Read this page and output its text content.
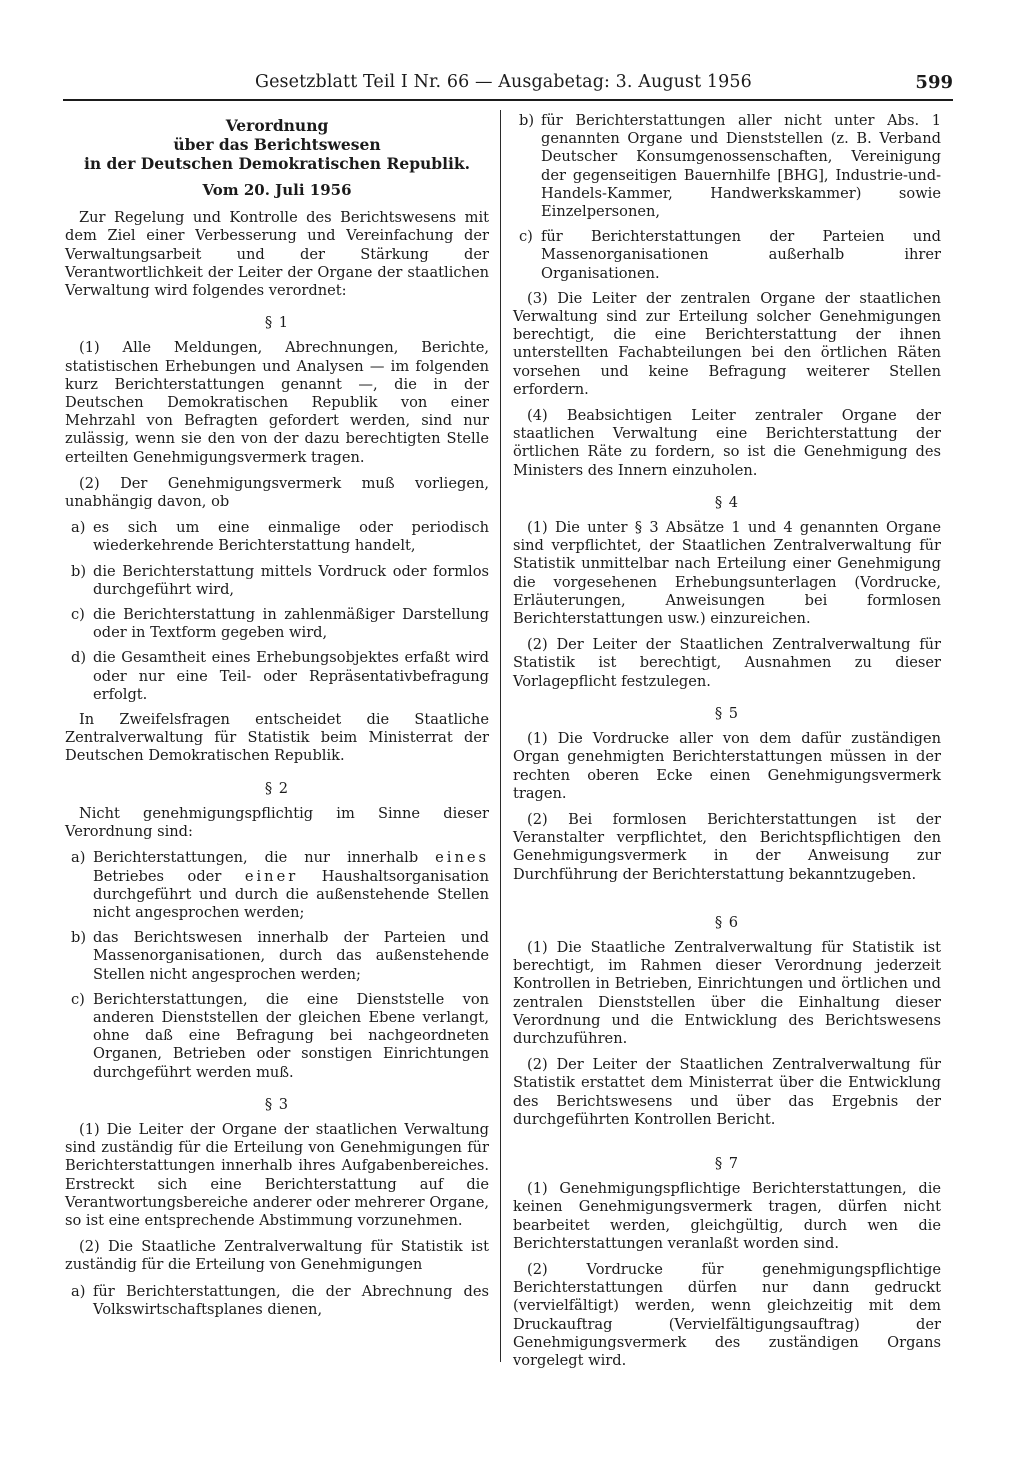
Gesetzblatt Teil I Nr. 66 — Ausgabetag: 3. August 1956	599
Verordnung
über das Berichtswesen
in der Deutschen Demokratischen Republik.
Vom 20. Juli 1956

Zur Regelung und Kontrolle des Berichtswesens mit dem Ziel einer Verbesserung und Vereinfachung der Verwaltungsarbeit und der Stärkung der Verantwortlichkeit der Leiter der Organe der staatlichen Verwaltung wird folgendes verordnet:

§ 1

(1) Alle Meldungen, Abrechnungen, Berichte, statistischen Erhebungen und Analysen — im folgenden kurz Berichterstattungen genannt —, die in der Deutschen Demokratischen Republik von einer Mehrzahl von Befragten gefordert werden, sind nur zulässig, wenn sie den von der dazu berechtigten Stelle erteilten Genehmigungsvermerk tragen.

(2) Der Genehmigungsvermerk muß vorliegen, unabhängig davon, ob

a) es sich um eine einmalige oder periodisch wiederkehrende Berichterstattung handelt,
b) die Berichterstattung mittels Vordruck oder formlos durchgeführt wird,
c) die Berichterstattung in zahlenmäßiger Darstellung oder in Textform gegeben wird,
d) die Gesamtheit eines Erhebungsobjektes erfaßt wird oder nur eine Teil- oder Repräsentativbefragung erfolgt.

In Zweifelsfragen entscheidet die Staatliche Zentralverwaltung für Statistik beim Ministerrat der Deutschen Demokratischen Republik.

§ 2

Nicht genehmigungspflichtig im Sinne dieser Verordnung sind:

a) Berichterstattungen, die nur innerhalb eines Betriebes oder einer Haushaltsorganisation durchgeführt und durch die außenstehende Stellen nicht angesprochen werden;
b) das Berichtswesen innerhalb der Parteien und Massenorganisationen, durch das außenstehende Stellen nicht angesprochen werden;
c) Berichterstattungen, die eine Dienststelle von anderen Dienststellen der gleichen Ebene verlangt, ohne daß eine Befragung bei nachgeordneten Organen, Betrieben oder sonstigen Einrichtungen durchgeführt werden muß.
§ 3

(1) Die Leiter der Organe der staatlichen Verwaltung sind zuständig für die Erteilung von Genehmigungen für Berichterstattungen innerhalb ihres Aufgabenbereiches. Erstreckt sich eine Berichterstattung auf die Verantwortungsbereiche anderer oder mehrerer Organe, so ist eine entsprechende Abstimmung vorzunehmen.

(2) Die Staatliche Zentralverwaltung für Statistik ist zuständig für die Erteilung von Genehmigungen

a) für Berichterstattungen, die der Abrechnung des Volkswirtschaftsplanes dienen,
b) für Berichterstattungen aller nicht unter Abs. 1 genannten Organe und Dienststellen (z. B. Verband Deutscher Konsumgenossenschaften, Vereinigung der gegenseitigen Bauernhilfe [BHG], Industrie-und-Handels-Kammer, Handwerkskammer) sowie Einzelpersonen,
c) für Berichterstattungen der Parteien und Massenorganisationen außerhalb ihrer Organisationen.

(3) Die Leiter der zentralen Organe der staatlichen Verwaltung sind zur Erteilung solcher Genehmigungen berechtigt, die eine Berichterstattung der ihnen unterstellten Fachabteilungen bei den örtlichen Räten vorsehen und keine Befragung weiterer Stellen erfordern.

(4) Beabsichtigen Leiter zentraler Organe der staatlichen Verwaltung eine Berichterstattung der örtlichen Räte zu fordern, so ist die Genehmigung des Ministers des Innern einzuholen.

§ 4

(1) Die unter § 3 Absätze 1 und 4 genannten Organe sind verpflichtet, der Staatlichen Zentralverwaltung für Statistik unmittelbar nach Erteilung einer Genehmigung die vorgesehenen Erhebungsunterlagen (Vordrucke, Erläuterungen, Anweisungen bei formlosen Berichterstattungen usw.) einzureichen.

(2) Der Leiter der Staatlichen Zentralverwaltung für Statistik ist berechtigt, Ausnahmen zu dieser Vorlagepflicht festzulegen.

§ 5

(1) Die Vordrucke aller von dem dafür zuständigen Organ genehmigten Berichterstattungen müssen in der rechten oberen Ecke einen Genehmigungsvermerk tragen.

(2) Bei formlosen Berichterstattungen ist der Veranstalter verpflichtet, den Berichtspflichtigen den Genehmigungsvermerk in der Anweisung zur Durchführung der Berichterstattung bekanntzugeben.

§ 6

(1) Die Staatliche Zentralverwaltung für Statistik ist berechtigt, im Rahmen dieser Verordnung jederzeit Kontrollen in Betrieben, Einrichtungen und örtlichen und zentralen Dienststellen über die Einhaltung dieser Verordnung und die Entwicklung des Berichtswesens durchzuführen.

(2) Der Leiter der Staatlichen Zentralverwaltung für Statistik erstattet dem Ministerrat über die Entwicklung des Berichtswesens und über das Ergebnis der durchgeführten Kontrollen Bericht.

§ 7

(1) Genehmigungspflichtige Berichterstattungen, die keinen Genehmigungsvermerk tragen, dürfen nicht bearbeitet werden, gleichgültig, durch wen die Berichterstattungen veranlaßt worden sind.

(2) Vordrucke für genehmigungspflichtige Berichterstattungen dürfen nur dann gedruckt (vervielfältigt) werden, wenn gleichzeitig mit dem Druckauftrag (Vervielfältigungsauftrag) der Genehmigungsvermerk des zuständigen Organs vorgelegt wird.
